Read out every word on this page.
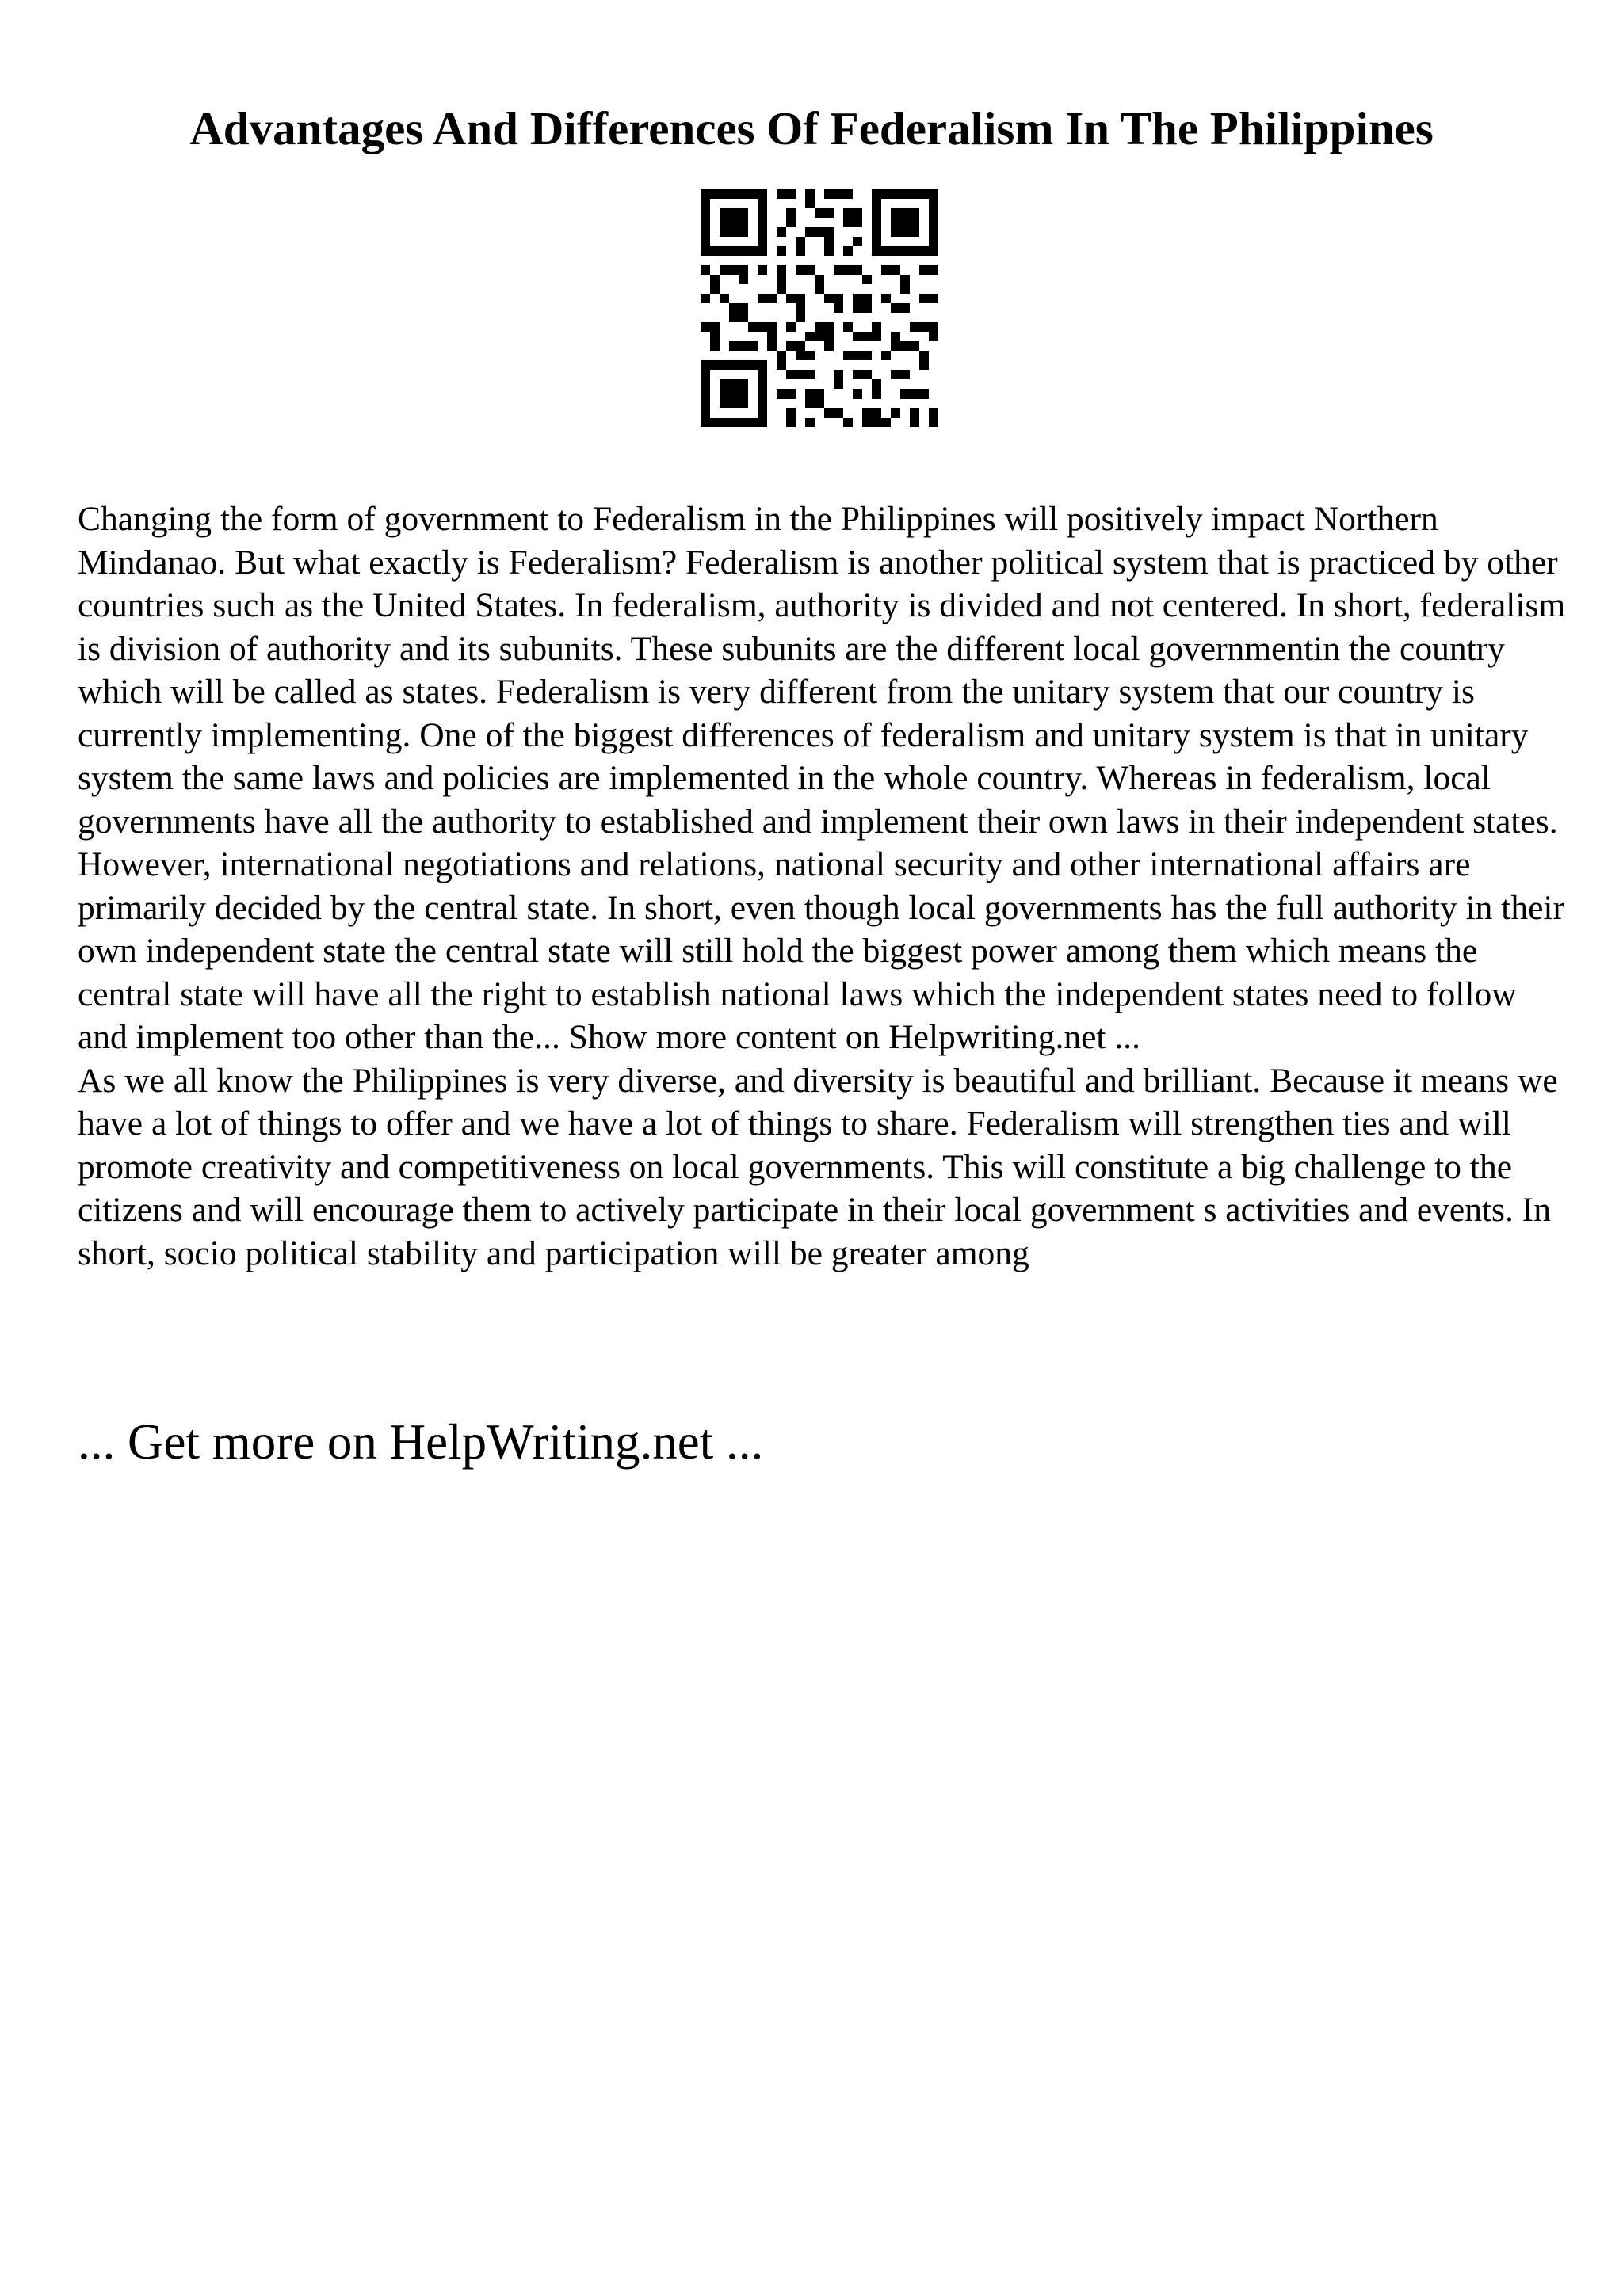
Advantages And Differences Of Federalism In The Philippines

Changing the form of government to Federalism in the Philippines will positively impact Northern Mindanao. But what exactly is Federalism? Federalism is another political system that is practiced by other countries such as the United States. In federalism, authority is divided and not centered. In short, federalism is division of authority and its subunits. These subunits are the different local governmentin the country which will be called as states. Federalism is very different from the unitary system that our country is currently implementing. One of the biggest differences of federalism and unitary system is that in unitary system the same laws and policies are implemented in the whole country. Whereas in federalism, local governments have all the authority to established and implement their own laws in their independent states. However, international negotiations and relations, national security and other international affairs are primarily decided by the central state. In short, even though local governments has the full authority in their own independent state the central state will still hold the biggest power among them which means the central state will have all the right to establish national laws which the independent states need to follow and implement too other than the... Show more content on Helpwriting.net ...

As we all know the Philippines is very diverse, and diversity is beautiful and brilliant. Because it means we have a lot of things to offer and we have a lot of things to share. Federalism will strengthen ties and will promote creativity and competitiveness on local governments. This will constitute a big challenge to the citizens and will encourage them to actively participate in their local government s activities and events. In short, socio political stability and participation will be greater among

... Get more on HelpWriting.net ...
